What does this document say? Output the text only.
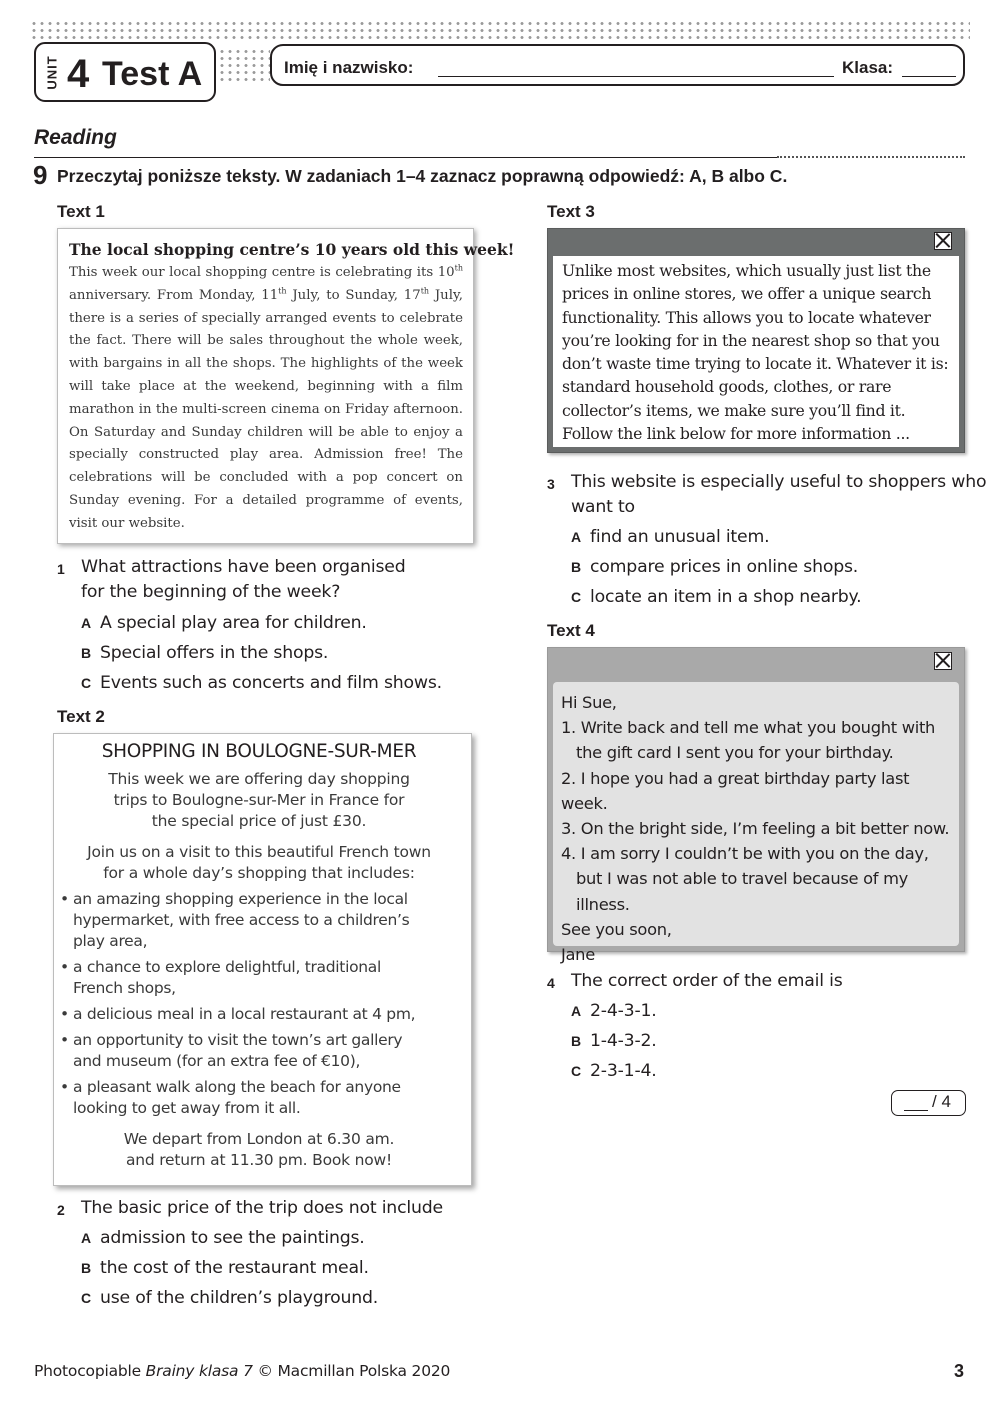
UNIT 4 Test A	Imię i nazwisko:	Klasa:
Reading
9 Przeczytaj poniższe teksty. W zadaniach 1–4 zaznacz poprawną odpowiedź: A, B albo C.
Text 1
The local shopping centre’s 10 years old this week!
This week our local shopping centre is celebrating its 10th anniversary. From Monday, 11th July, to Sunday, 17th July, there is a series of specially arranged events to celebrate the fact. There will be sales throughout the whole week, with bargains in all the shops. The highlights of the week will take place at the weekend, beginning with a film marathon in the multi-screen cinema on Friday afternoon. On Saturday and Sunday children will be able to enjoy a specially constructed play area. Admission free! The celebrations will be concluded with a pop concert on Sunday evening. For a detailed programme of events, visit our website.
1 What attractions have been organised
for the beginning of the week?
A A special play area for children.
B Special offers in the shops.
C Events such as concerts and film shows.
Text 2
SHOPPING IN BOULOGNE-SUR-MER
This week we are offering day shopping
trips to Boulogne-sur-Mer in France for
the special price of just £30.
Join us on a visit to this beautiful French town
for a whole day’s shopping that includes:
• an amazing shopping experience in the local
hypermarket, with free access to a children’s
play area,
• a chance to explore delightful, traditional
French shops,
• a delicious meal in a local restaurant at 4 pm,
• an opportunity to visit the town’s art gallery
and museum (for an extra fee of €10),
• a pleasant walk along the beach for anyone
looking to get away from it all.
We depart from London at 6.30 am.
and return at 11.30 pm. Book now!
2 The basic price of the trip does not include
A admission to see the paintings.
B the cost of the restaurant meal.
C use of the children’s playground.
Text 3
Unlike most websites, which usually just list the prices in online stores, we offer a unique search functionality. This allows you to locate whatever you’re looking for in the nearest shop so that you don’t waste time trying to locate it. Whatever it is: standard household goods, clothes, or rare collector’s items, we make sure you’ll find it. Follow the link below for more information ...
3 This website is especially useful to shoppers who
want to
A find an unusual item.
B compare prices in online shops.
C locate an item in a shop nearby.
Text 4
Hi Sue,
1. Write back and tell me what you bought with
the gift card I sent you for your birthday.
2. I hope you had a great birthday party last week.
3. On the bright side, I’m feeling a bit better now.
4. I am sorry I couldn’t be with you on the day,
but I was not able to travel because of my
illness.
See you soon,
Jane
4 The correct order of the email is
A 2-4-3-1.
B 1-4-3-2.
C 2-3-1-4.
/ 4
Photocopiable Brainy klasa 7 © Macmillan Polska 2020	3
